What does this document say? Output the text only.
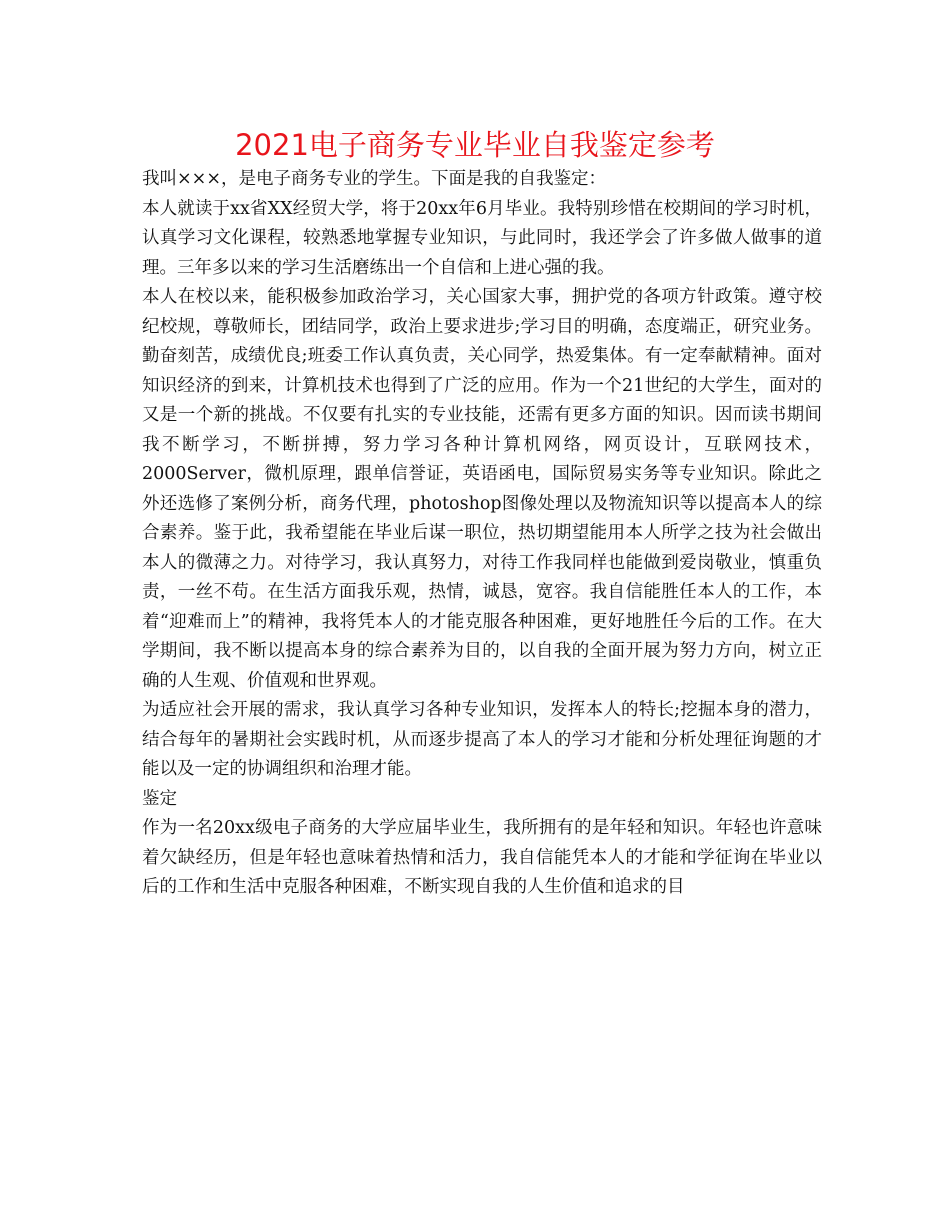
2021电子商务专业毕业自我鉴定参考

我叫×××，是电子商务专业的学生。下面是我的自我鉴定：

本人就读于xx省XX经贸大学，将于20xx年6月毕业。我特别珍惜在校期间的学习时机，认真学习文化课程，较熟悉地掌握专业知识，与此同时，我还学会了许多做人做事的道理。三年多以来的学习生活磨练出一个自信和上进心强的我。

本人在校以来，能积极参加政治学习，关心国家大事，拥护党的各项方针政策。遵守校纪校规，尊敬师长，团结同学，政治上要求进步;学习目的明确，态度端正，研究业务。勤奋刻苦，成绩优良;班委工作认真负责，关心同学，热爱集体。有一定奉献精神。面对知识经济的到来，计算机技术也得到了广泛的应用。作为一个21世纪的大学生，面对的又是一个新的挑战。不仅要有扎实的专业技能，还需有更多方面的知识。因而读书期间我不断学习，不断拼搏，努力学习各种计算机网络，网页设计，互联网技术，2000Server，微机原理，跟单信誉证，英语函电，国际贸易实务等专业知识。除此之外还选修了案例分析，商务代理，photoshop图像处理以及物流知识等以提高本人的综合素养。鉴于此，我希望能在毕业后谋一职位，热切期望能用本人所学之技为社会做出本人的微薄之力。对待学习，我认真努力，对待工作我同样也能做到爱岗敬业，慎重负责，一丝不苟。在生活方面我乐观，热情，诚恳，宽容。我自信能胜任本人的工作，本着“迎难而上”的精神，我将凭本人的才能克服各种困难，更好地胜任今后的工作。在大学期间，我不断以提高本身的综合素养为目的，以自我的全面开展为努力方向，树立正确的人生观、价值观和世界观。

为适应社会开展的需求，我认真学习各种专业知识，发挥本人的特长;挖掘本身的潜力，结合每年的暑期社会实践时机，从而逐步提高了本人的学习才能和分析处理征询题的才能以及一定的协调组织和治理才能。

鉴定

作为一名20xx级电子商务的大学应届毕业生，我所拥有的是年轻和知识。年轻也许意味着欠缺经历，但是年轻也意味着热情和活力，我自信能凭本人的才能和学征询在毕业以后的工作和生活中克服各种困难，不断实现自我的人生价值和追求的目
